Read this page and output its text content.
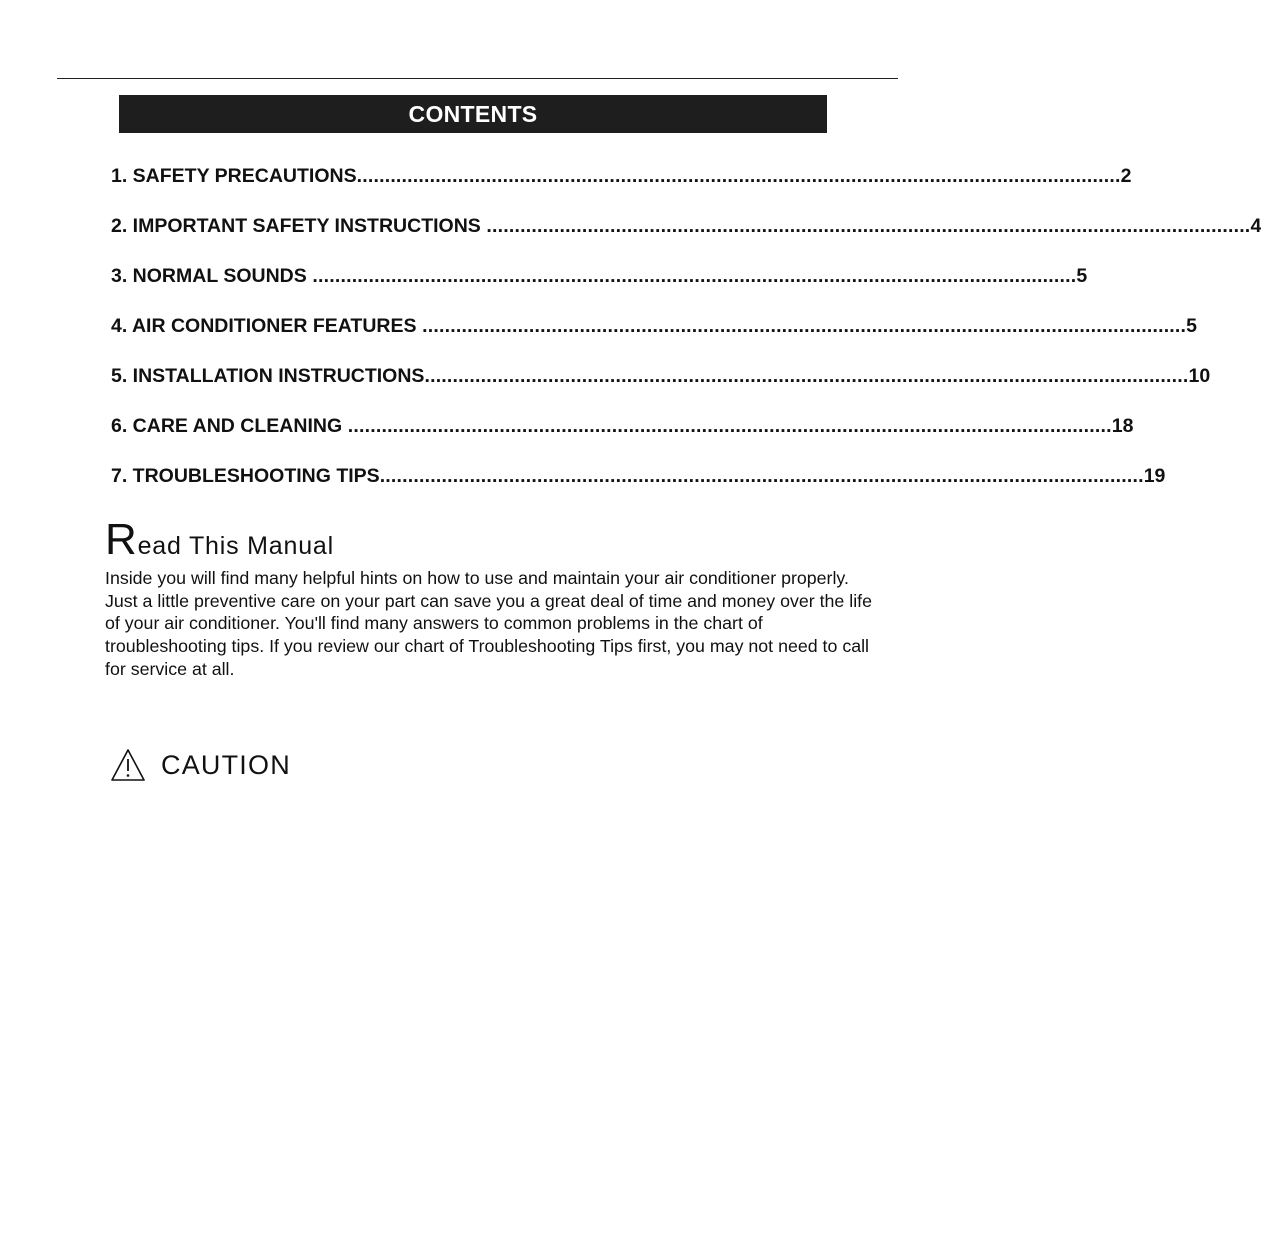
CONTENTS
1. SAFETY PRECAUTIONS ........................................................................................................................................ 2
2. IMPORTANT SAFETY INSTRUCTIONS ........................................................................................................................................ 4
3. NORMAL SOUNDS ........................................................................................................................................ 5
4. AIR CONDITIONER FEATURES ........................................................................................................................................ 5
5. INSTALLATION INSTRUCTIONS ........................................................................................................................................ 10
6. CARE AND CLEANING ........................................................................................................................................ 18
7. TROUBLESHOOTING TIPS ........................................................................................................................................ 19
Read This Manual
Inside you will find many helpful hints on how to use and maintain your air conditioner properly. Just a little preventive care on your part can save you a great deal of time and money over the life of your air conditioner. You'll find many answers to common problems in the chart of troubleshooting tips. If you review our chart of Troubleshooting Tips first, you may not need to call for service at all.
CAUTION
